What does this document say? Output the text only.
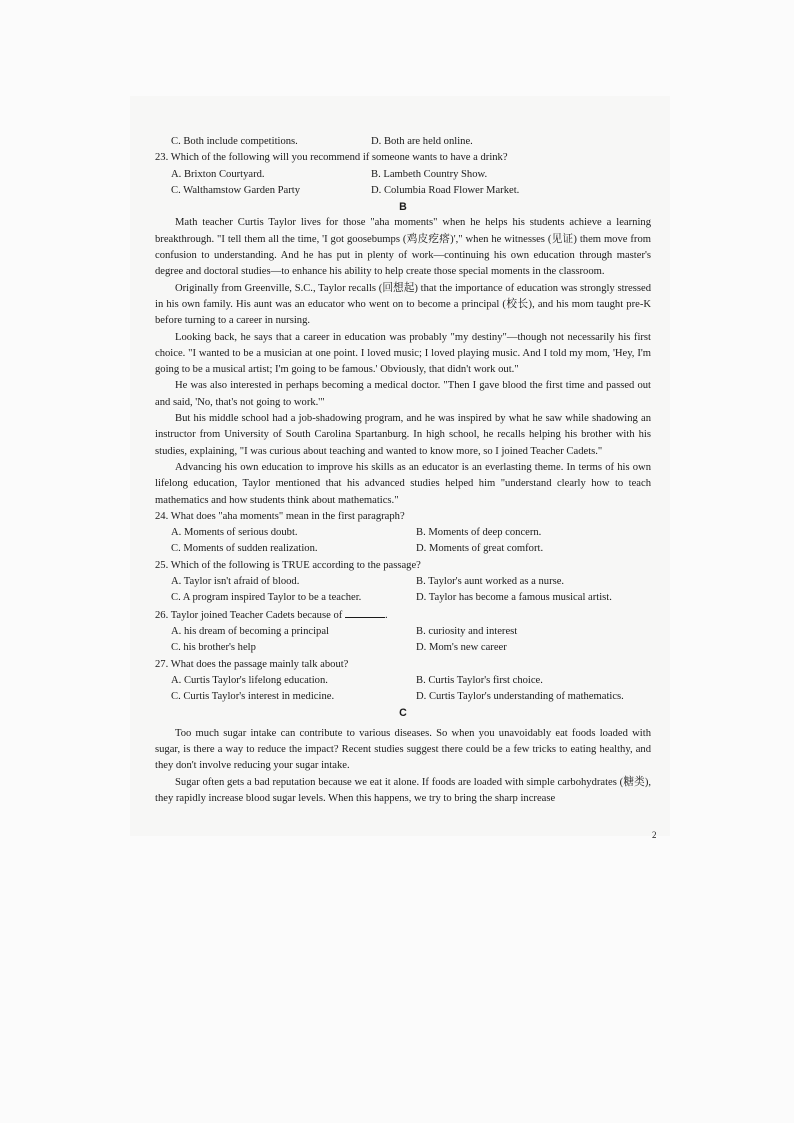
C. Both include competitions.	D. Both are held online.

23. Which of the following will you recommend if someone wants to have a drink?

A. Brixton Courtyard.	B. Lambeth Country Show.
C. Walthamstow Garden Party	D. Columbia Road Flower Market.

B

Math teacher Curtis Taylor lives for those "aha moments" when he helps his students achieve a learning breakthrough. "I tell them all the time, 'I got goosebumps (鸡皮疙瘩)'," when he witnesses (见证) them move from confusion to understanding. And he has put in plenty of work—continuing his own education through master's degree and doctoral studies—to enhance his ability to help create those special moments in the classroom.

Originally from Greenville, S.C., Taylor recalls (回想起) that the importance of education was strongly stressed in his own family. His aunt was an educator who went on to become a principal (校长), and his mom taught pre-K before turning to a career in nursing.

Looking back, he says that a career in education was probably "my destiny"—though not necessarily his first choice. "I wanted to be a musician at one point. I loved music; I loved playing music. And I told my mom, 'Hey, I'm going to be a musical artist; I'm going to be famous.' Obviously, that didn't work out."

He was also interested in perhaps becoming a medical doctor. "Then I gave blood the first time and passed out and said, 'No, that's not going to work.'"

But his middle school had a job-shadowing program, and he was inspired by what he saw while shadowing an instructor from University of South Carolina Spartanburg. In high school, he recalls helping his brother with his studies, explaining, "I was curious about teaching and wanted to know more, so I joined Teacher Cadets."

Advancing his own education to improve his skills as an educator is an everlasting theme. In terms of his own lifelong education, Taylor mentioned that his advanced studies helped him "understand clearly how to teach mathematics and how students think about mathematics."

24. What does "aha moments" mean in the first paragraph?

A. Moments of serious doubt.	B. Moments of deep concern.
C. Moments of sudden realization.	D. Moments of great comfort.

25. Which of the following is TRUE according to the passage?

A. Taylor isn't afraid of blood.	B. Taylor's aunt worked as a nurse.
C. A program inspired Taylor to be a teacher.	D. Taylor has become a famous musical artist.

26. Taylor joined Teacher Cadets because of	.

A. his dream of becoming a principal	B. curiosity and interest
C. his brother's help	D. Mom's new career

27. What does the passage mainly talk about?

A. Curtis Taylor's lifelong education.	B. Curtis Taylor's first choice.
C. Curtis Taylor's interest in medicine.	D. Curtis Taylor's understanding of mathematics.

C

Too much sugar intake can contribute to various diseases. So when you unavoidably eat foods loaded with sugar, is there a way to reduce the impact? Recent studies suggest there could be a few tricks to eating healthy, and they don't involve reducing your sugar intake.

Sugar often gets a bad reputation because we eat it alone. If foods are loaded with simple carbohydrates (糖类), they rapidly increase blood sugar levels. When this happens, we try to bring the sharp increase

2
